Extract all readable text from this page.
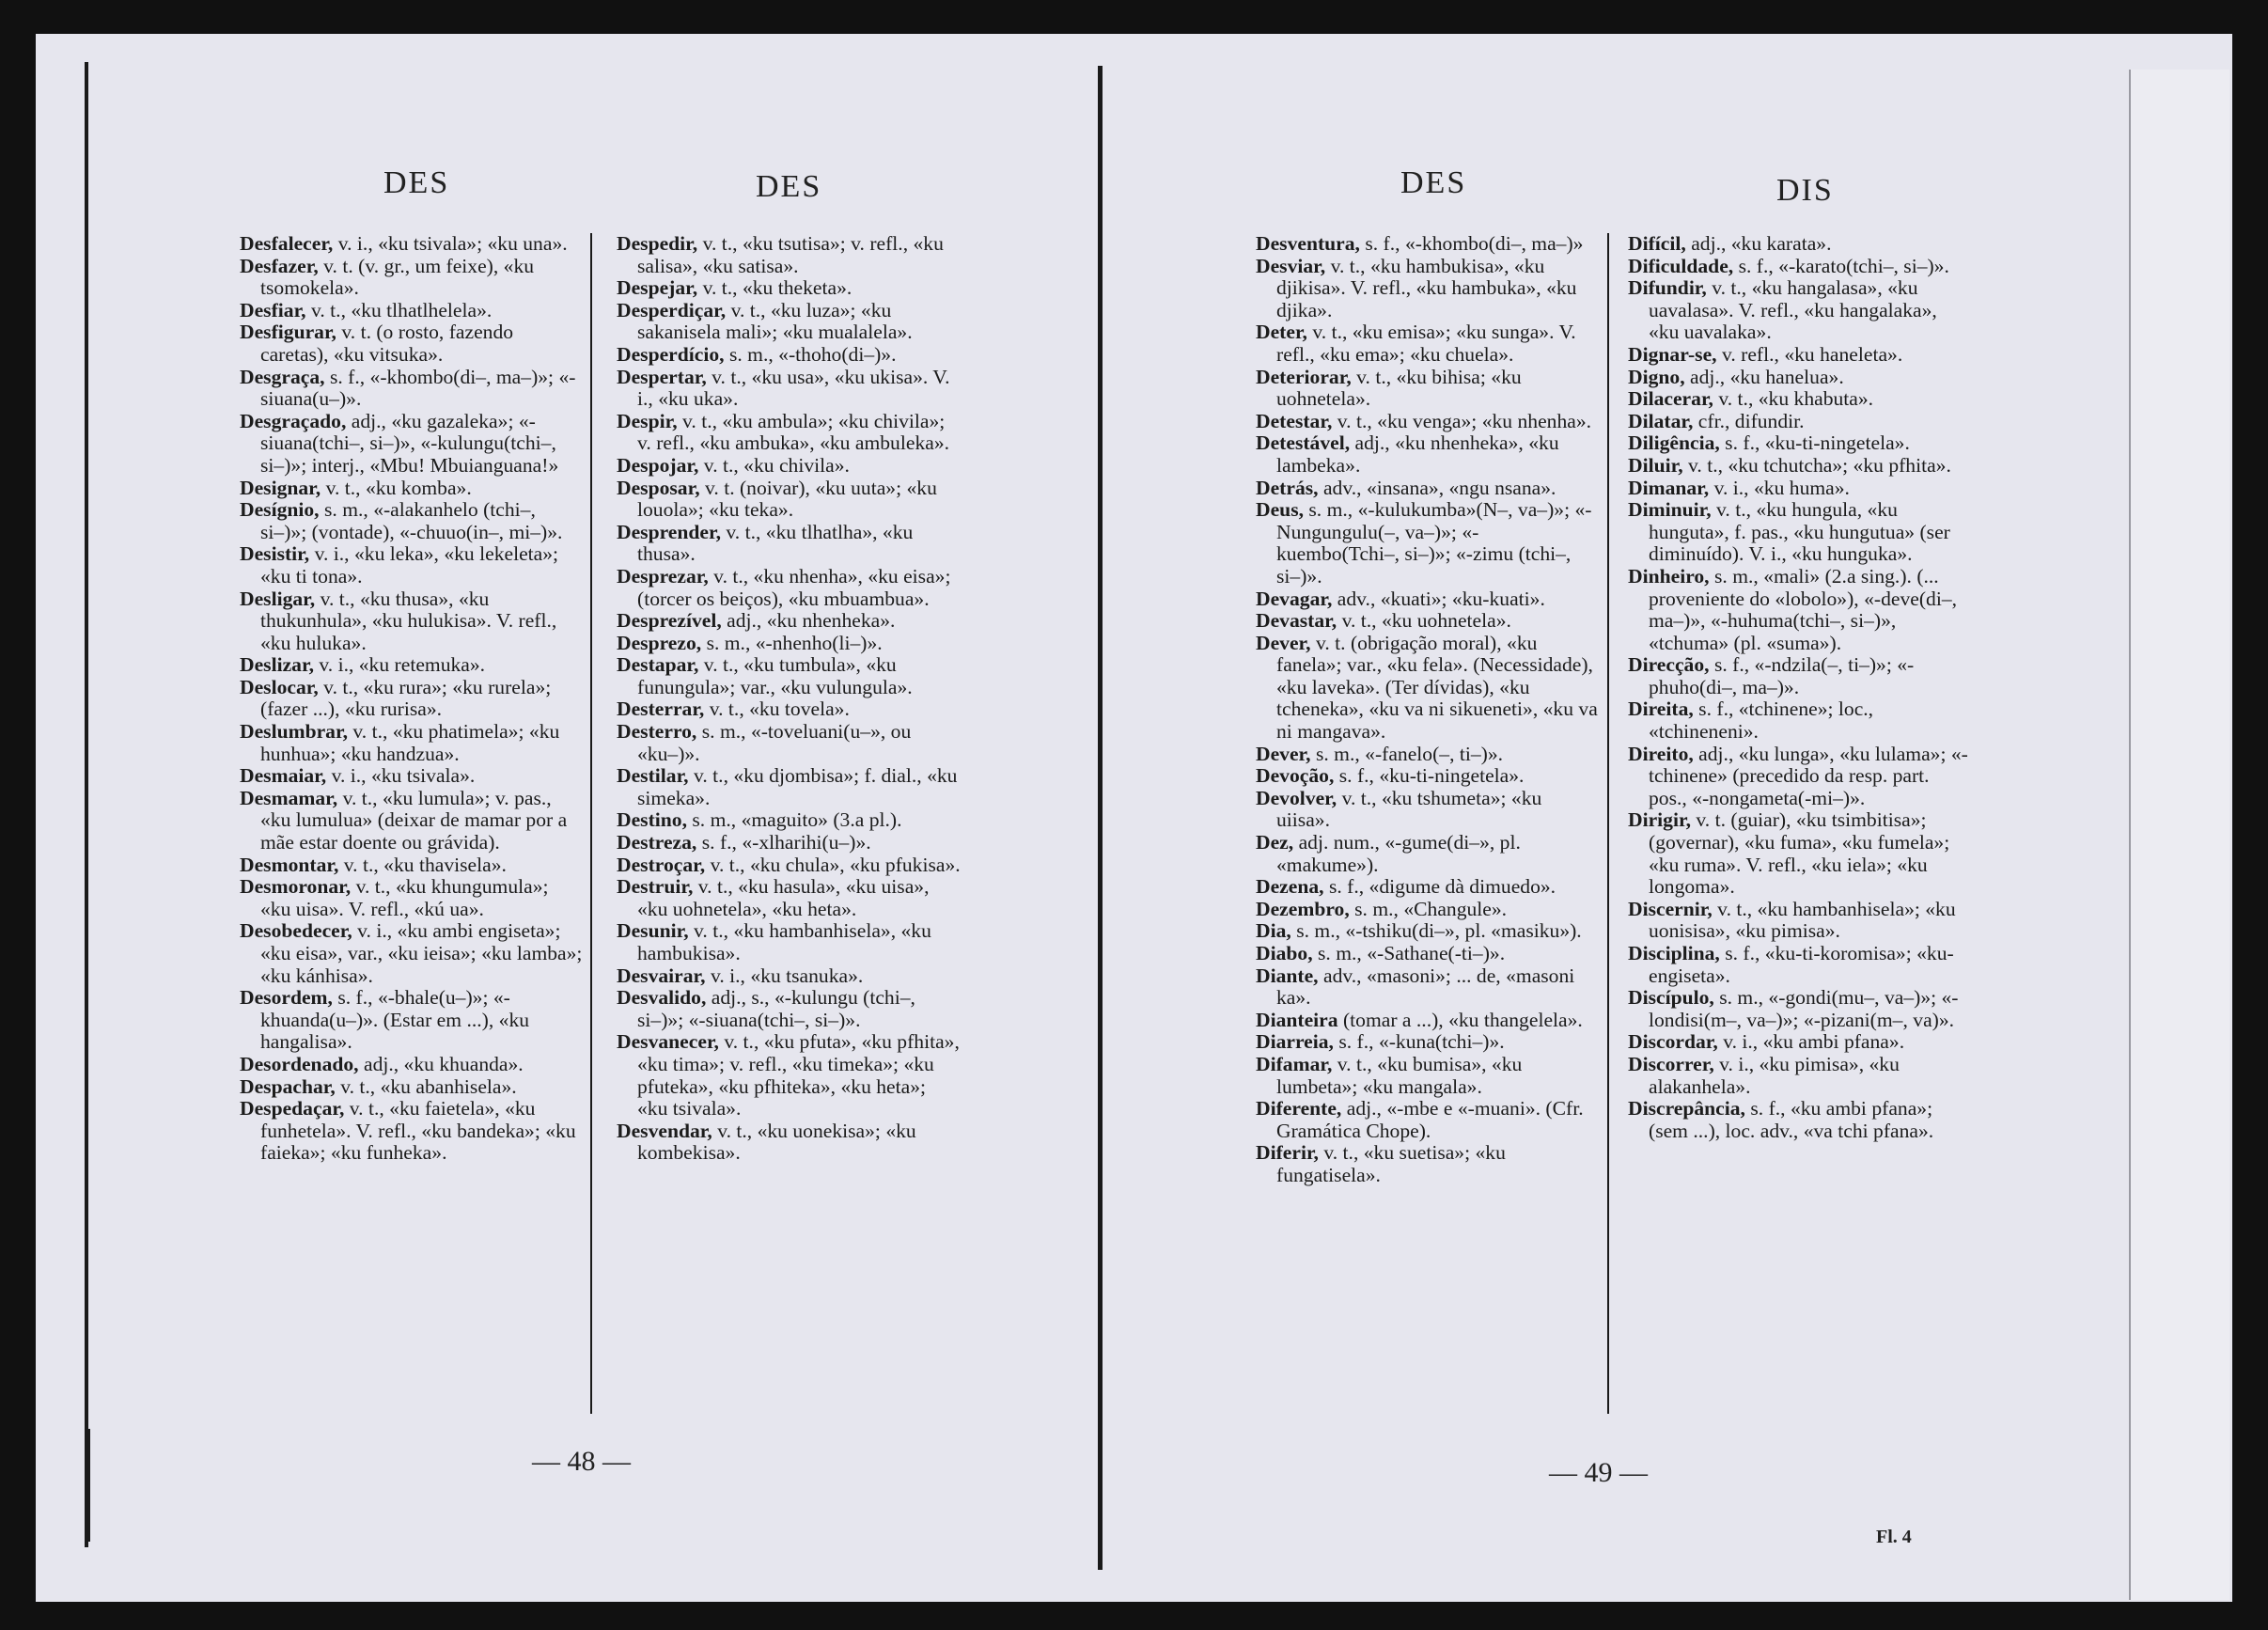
DES	DES	DES	DIS

Desfalecer, v. i., «ku tsivala»; «ku una».

Desfazer, v. t. (v. gr., um feixe), «ku tsomokela».

Desfiar, v. t., «ku tlhatlhelela».

Desfigurar, v. t. (o rosto, fazendo caretas), «ku vitsuka».

Desgraça, s. f., «-khombo(di–, ma–)»; «-siuana(u–)».

Desgraçado, adj., «ku gazaleka»; «-siuana(tchi–, si–)», «-kulungu(tchi–, si–)»; interj., «Mbu! Mbuianguana!»

Designar, v. t., «ku komba».

Desígnio, s. m., «-alakanhelo (tchi–, si–)»; (vontade), «-chuuo(in–, mi–)».

Desistir, v. i., «ku leka», «ku lekeleta»; «ku ti tona».

Desligar, v. t., «ku thusa», «ku thukunhula», «ku hulukisa». V. refl., «ku huluka».

Deslizar, v. i., «ku retemuka».

Deslocar, v. t., «ku rura»; «ku rurela»; (fazer ...), «ku rurisa».

Deslumbrar, v. t., «ku phatimela»; «ku hunhua»; «ku handzua».

Desmaiar, v. i., «ku tsivala».

Desmamar, v. t., «ku lumula»; v. pas., «ku lumulua» (deixar de mamar por a mãe estar doente ou grávida).

Desmontar, v. t., «ku thavisela».

Desmoronar, v. t., «ku khungumula»; «ku uisa». V. refl., «kú ua».

Desobedecer, v. i., «ku ambi engiseta»; «ku eisa», var., «ku ieisa»; «ku lamba»; «ku kánhisa».

Desordem, s. f., «-bhale(u–)»; «-khuanda(u–)». (Estar em ...), «ku hangalisa».

Desordenado, adj., «ku khuanda».

Despachar, v. t., «ku abanhisela».

Despedaçar, v. t., «ku faietela», «ku funhetela». V. refl., «ku bandeka»; «ku faieka»; «ku funheka».

Despedir, v. t., «ku tsutisa»; v. refl., «ku salisa», «ku satisa».

Despejar, v. t., «ku theketa».

Desperdiçar, v. t., «ku luza»; «ku sakanisela mali»; «ku mualalela».

Desperdício, s. m., «-thoho(di–)».

Despertar, v. t., «ku usa», «ku ukisa». V. i., «ku uka».

Despir, v. t., «ku ambula»; «ku chivila»; v. refl., «ku ambuka», «ku ambuleka».

Despojar, v. t., «ku chivila».

Desposar, v. t. (noivar), «ku uuta»; «ku louola»; «ku teka».

Desprender, v. t., «ku tlhatlha», «ku thusa».

Desprezar, v. t., «ku nhenha», «ku eisa»; (torcer os beiços), «ku mbuambua».

Desprezível, adj., «ku nhenheka».

Desprezo, s. m., «-nhenho(li–)».

Destapar, v. t., «ku tumbula», «ku funungula»; var., «ku vulungula».

Desterrar, v. t., «ku tovela».

Desterro, s. m., «-toveluani(u–», ou «ku–)».

Destilar, v. t., «ku djombisa»; f. dial., «ku simeka».

Destino, s. m., «maguito» (3.a pl.).

Destreza, s. f., «-xlharihi(u–)».

Destroçar, v. t., «ku chula», «ku pfukisa».

Destruir, v. t., «ku hasula», «ku uisa», «ku uohnetela», «ku heta».

Desunir, v. t., «ku hambanhisela», «ku hambukisa».

Desvairar, v. i., «ku tsanuka».

Desvalido, adj., s., «-kulungu (tchi–, si–)»; «-siuana(tchi–, si–)».

Desvanecer, v. t., «ku pfuta», «ku pfhita», «ku tima»; v. refl., «ku timeka»; «ku pfuteka», «ku pfhiteka», «ku heta»; «ku tsivala».

Desvendar, v. t., «ku uonekisa»; «ku kombekisa».

Desventura, s. f., «-khombo(di–, ma–)»

Desviar, v. t., «ku hambukisa», «ku djikisa». V. refl., «ku hambuka», «ku djika».

Deter, v. t., «ku emisa»; «ku sunga». V. refl., «ku ema»; «ku chuela».

Deteriorar, v. t., «ku bihisa; «ku uohnetela».

Detestar, v. t., «ku venga»; «ku nhenha».

Detestável, adj., «ku nhenheka», «ku lambeka».

Detrás, adv., «insana», «ngu nsana».

Deus, s. m., «-kulukumba»(N–, va–)»; «-Nungungulu(–, va–)»; «-kuembo(Tchi–, si–)»; «-zimu (tchi–, si–)».

Devagar, adv., «kuati»; «ku-kuati».

Devastar, v. t., «ku uohnetela».

Dever, v. t. (obrigação moral), «ku fanela»; var., «ku fela». (Necessidade), «ku laveka». (Ter dívidas), «ku tcheneka», «ku va ni sikueneti», «ku va ni mangava».

Dever, s. m., «-fanelo(–, ti–)».

Devoção, s. f., «ku-ti-ningetela».

Devolver, v. t., «ku tshumeta»; «ku uiisa».

Dez, adj. num., «-gume(di–», pl. «makume»).

Dezena, s. f., «digume dà dimuedo».

Dezembro, s. m., «Changule».

Dia, s. m., «-tshiku(di–», pl. «masiku»).

Diabo, s. m., «-Sathane(-ti–)».

Diante, adv., «masoni»; ... de, «masoni ka».

Dianteira (tomar a ...), «ku thangelela».

Diarreia, s. f., «-kuna(tchi–)».

Difamar, v. t., «ku bumisa», «ku lumbeta»; «ku mangala».

Diferente, adj., «-mbe e «-muani». (Cfr. Gramática Chope).

Diferir, v. t., «ku suetisa»; «ku fungatisela».

Difícil, adj., «ku karata».

Dificuldade, s. f., «-karato(tchi–, si–)».

Difundir, v. t., «ku hangalasa», «ku uavalasa». V. refl., «ku hangalaka», «ku uavalaka».

Dignar-se, v. refl., «ku haneleta».

Digno, adj., «ku hanelua».

Dilacerar, v. t., «ku khabuta».

Dilatar, cfr., difundir.

Diligência, s. f., «ku-ti-ningetela».

Diluir, v. t., «ku tchutcha»; «ku pfhita».

Dimanar, v. i., «ku huma».

Diminuir, v. t., «ku hungula, «ku hunguta», f. pas., «ku hungutua» (ser diminuído). V. i., «ku hunguka».

Dinheiro, s. m., «mali» (2.a sing.). (... proveniente do «lobolo»), «-deve(di–, ma–)», «-huhuma(tchi–, si–)», «tchuma» (pl. «suma»).

Direcção, s. f., «-ndzila(–, ti–)»; «-phuho(di–, ma–)».

Direita, s. f., «tchinene»; loc., «tchineneni».

Direito, adj., «ku lunga», «ku lulama»; «-tchinene» (precedido da resp. part. pos., «-nongameta(-mi–)».

Dirigir, v. t. (guiar), «ku tsimbitisa»; (governar), «ku fuma», «ku fumela»; «ku ruma». V. refl., «ku iela»; «ku longoma».

Discernir, v. t., «ku hambanhisela»; «ku uonisisa», «ku pimisa».

Disciplina, s. f., «ku-ti-koromisa»; «ku-engiseta».

Discípulo, s. m., «-gondi(mu–, va–)»; «-londisi(m–, va–)»; «-pizani(m–, va)».

Discordar, v. i., «ku ambi pfana».

Discorrer, v. i., «ku pimisa», «ku alakanhela».

Discrepância, s. f., «ku ambi pfana»; (sem ...), loc. adv., «va tchi pfana».

— 48 —	— 49 —
Fl. 4
